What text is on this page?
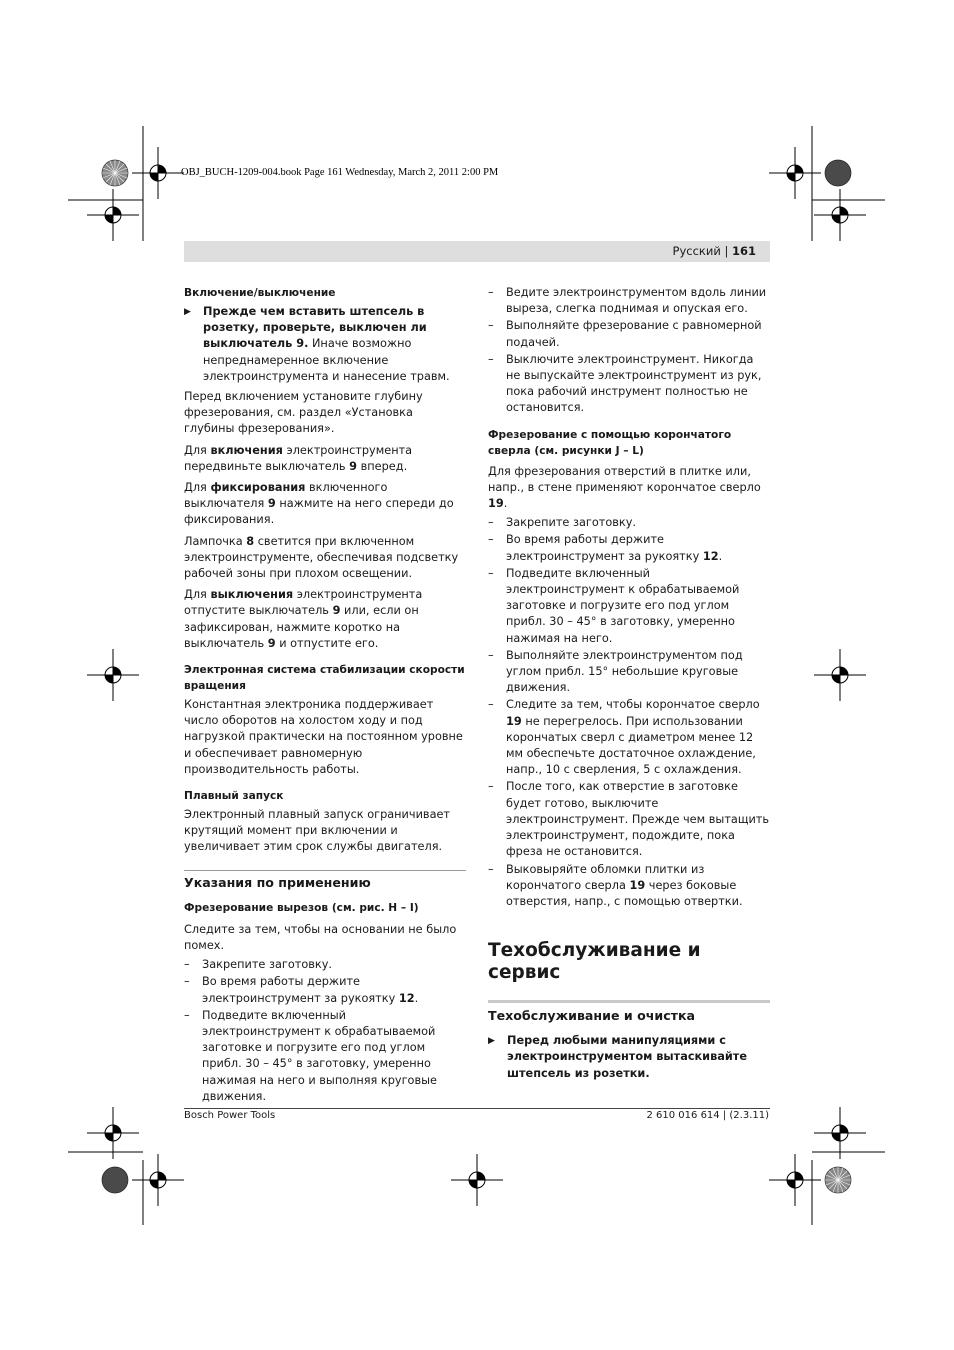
OBJ_BUCH-1209-004.book Page 161 Wednesday, March 2, 2011 2:00 PM
Русский | 161
Включение/выключение
▶	Прежде чем вставить штепсель в розетку, проверьте, выключен ли выключатель 9. Иначе возможно непреднамеренное включение электроинструмента и нанесение травм.

Перед включением установите глубину фрезерования, см. раздел «Установка глубины фрезерования».

Для включения электроинструмента передвиньте выключатель 9 вперед.

Для фиксирования включенного выключателя 9 нажмите на него спереди до фиксирования.

Лампочка 8 светится при включенном электроинструменте, обеспечивая подсветку рабочей зоны при плохом освещении.

Для выключения электроинструмента отпустите выключатель 9 или, если он зафиксирован, нажмите коротко на выключатель 9 и отпустите его.

Электронная система стабилизации скорости вращения

Константная электроника поддерживает число оборотов на холостом ходу и под нагрузкой практически на постоянном уровне и обеспечивает равномерную производительность работы.

Плавный запуск

Электронный плавный запуск ограничивает крутящий момент при включении и увеличивает этим срок службы двигателя.

Указания по применению
Фрезерование вырезов (см. рис. H – I)

Следите за тем, чтобы на основании не было помех.

–	Закрепите заготовку.
–	Во время работы держите электроинструмент за рукоятку 12.
–	Подведите включенный электроинструмент к обрабатываемой заготовке и погрузите его под углом прибл. 30 – 45° в заготовку, умеренно нажимая на него и выполняя круговые движения.
–	Ведите электроинструментом вдоль линии выреза, слегка поднимая и опуская его.
–	Выполняйте фрезерование с равномерной подачей.
–	Выключите электроинструмент. Никогда не выпускайте электроинструмент из рук, пока рабочий инструмент полностью не остановится.
Фрезерование с помощью корончатого сверла (см. рисунки J – L)

Для фрезерования отверстий в плитке или, напр., в стене применяют корончатое сверло 19.

–	Закрепите заготовку.
–	Во время работы держите электроинструмент за рукоятку 12.
–	Подведите включенный электроинструмент к обрабатываемой заготовке и погрузите его под углом прибл. 30 – 45° в заготовку, умеренно нажимая на него.
–	Выполняйте электроинструментом под углом прибл. 15° небольшие круговые движения.
–	Следите за тем, чтобы корончатое сверло 19 не перегрелось. При использовании корончатых сверл с диаметром менее 12 мм обеспечьте достаточное охлаждение, напр., 10 с сверления, 5 с охлаждения.
–	После того, как отверстие в заготовке будет готово, выключите электроинструмент. Прежде чем вытащить электроинструмент, подождите, пока фреза не остановится.
–	Выковыряйте обломки плитки из корончатого сверла 19 через боковые отверстия, напр., с помощью отвертки.
Техобслуживание и сервис
Техобслуживание и очистка
▶	Перед любыми манипуляциями с электроинструментом вытаскивайте штепсель из розетки.
Bosch Power Tools	2 610 016 614 | (2.3.11)
